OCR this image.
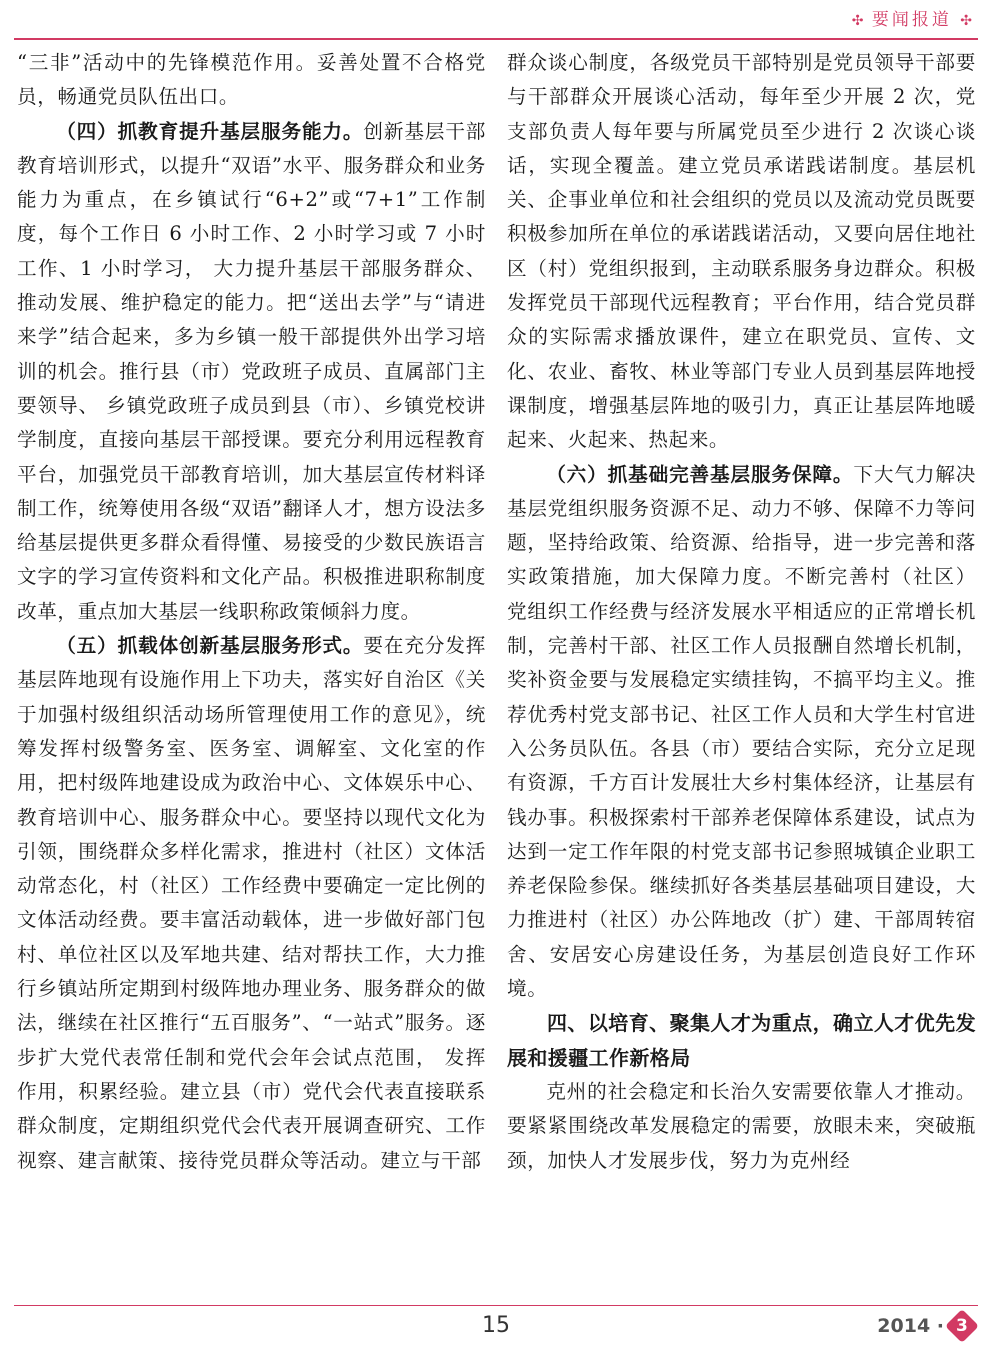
✣ 要闻报道 ✣

“三非”活动中的先锋模范作用。妥善处置不合格党员，畅通党员队伍出口。

（四）抓教育提升基层服务能力。创新基层干部教育培训形式，以提升“双语”水平、服务群众和业务能力为重点，在乡镇试行“6+2”或“7+1”工作制度，每个工作日 6 小时工作、2 小时学习或 7 小时工作、1 小时学习， 大力提升基层干部服务群众、推动发展、维护稳定的能力。把“送出去学”与“请进来学”结合起来，多为乡镇一般干部提供外出学习培训的机会。推行县（市）党政班子成员、直属部门主要领导、 乡镇党政班子成员到县（市）、乡镇党校讲学制度，直接向基层干部授课。要充分利用远程教育平台，加强党员干部教育培训，加大基层宣传材料译制工作，统筹使用各级“双语”翻译人才，想方设法多给基层提供更多群众看得懂、易接受的少数民族语言文字的学习宣传资料和文化产品。积极推进职称制度改革，重点加大基层一线职称政策倾斜力度。

（五）抓载体创新基层服务形式。要在充分发挥基层阵地现有设施作用上下功夫，落实好自治区《关于加强村级组织活动场所管理使用工作的意见》，统筹发挥村级警务室、医务室、调解室、文化室的作用，把村级阵地建设成为政治中心、文体娱乐中心、教育培训中心、服务群众中心。要坚持以现代文化为引领，围绕群众多样化需求，推进村（社区）文体活动常态化，村（社区）工作经费中要确定一定比例的文体活动经费。要丰富活动载体，进一步做好部门包村、单位社区以及军地共建、结对帮扶工作，大力推行乡镇站所定期到村级阵地办理业务、服务群众的做法，继续在社区推行“五百服务”、“一站式”服务。逐步扩大党代表常任制和党代会年会试点范围， 发挥作用，积累经验。建立县（市）党代会代表直接联系群众制度，定期组织党代会代表开展调查研究、工作视察、建言献策、接待党员群众等活动。建立与干部

群众谈心制度，各级党员干部特别是党员领导干部要与干部群众开展谈心活动，每年至少开展 2 次，党支部负责人每年要与所属党员至少进行 2 次谈心谈话，实现全覆盖。建立党员承诺践诺制度。基层机关、企事业单位和社会组织的党员以及流动党员既要积极参加所在单位的承诺践诺活动，又要向居住地社区（村）党组织报到，主动联系服务身边群众。积极发挥党员干部现代远程教育；平台作用，结合党员群众的实际需求播放课件，建立在职党员、宣传、文化、农业、畜牧、林业等部门专业人员到基层阵地授课制度，增强基层阵地的吸引力，真正让基层阵地暖起来、火起来、热起来。

（六）抓基础完善基层服务保障。下大气力解决基层党组织服务资源不足、动力不够、保障不力等问题，坚持给政策、给资源、给指导，进一步完善和落实政策措施，加大保障力度。不断完善村（社区） 党组织工作经费与经济发展水平相适应的正常增长机制，完善村干部、社区工作人员报酬自然增长机制，奖补资金要与发展稳定实绩挂钩，不搞平均主义。推荐优秀村党支部书记、社区工作人员和大学生村官进入公务员队伍。各县（市）要结合实际，充分立足现有资源，千方百计发展壮大乡村集体经济，让基层有钱办事。积极探索村干部养老保障体系建设，试点为达到一定工作年限的村党支部书记参照城镇企业职工养老保险参保。继续抓好各类基层基础项目建设，大力推进村（社区）办公阵地改（扩）建、干部周转宿舍、安居安心房建设任务，为基层创造良好工作环境。

四、以培育、聚集人才为重点，确立人才优先发展和援疆工作新格局

克州的社会稳定和长治久安需要依靠人才推动。要紧紧围绕改革发展稳定的需要，放眼未来，突破瓶颈，加快人才发展步伐，努力为克州经

15	2014 · 3
